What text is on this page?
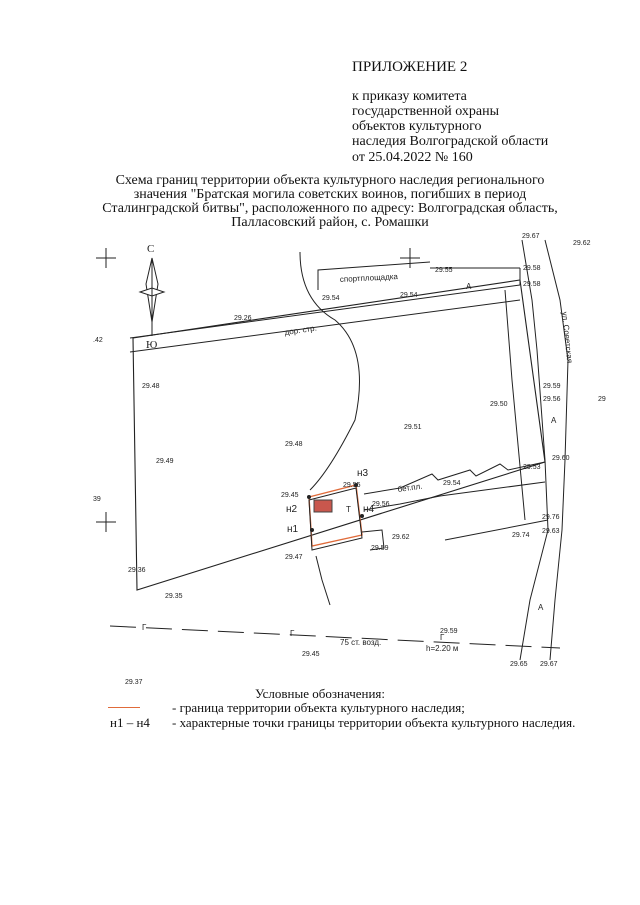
ПРИЛОЖЕНИЕ 2
к приказу комитета
государственной охраны
объектов культурного
наследия Волгоградской области
от 25.04.2022 № 160
Схема границ территории объекта культурного наследия регионального
значения "Братская могила советских воинов, погибших в период
Сталинградской битвы", расположенного по адресу: Волгоградская область,
Палласовский район, с. Ромашки
С
Ю	ул. Советская
дор. стр.
спортплощадка
бет.пл.
75 ст. возд.
h=2.20 м
н1
н2
н3
н4
А
А
А
Г
Г	Г
Т
29.67
29.62
29.55	29.58
29.54	29.54
29.58
29.26
.42
29.48	29.59
29.56
29.50
29.51
29
29.48
29.49	29.60
29.53
29.45
29.55	29.54
29.56
39
29.76
29.62
29.59
29.74
29.63
29.47
29.36
29.35
29.59
29.45
29.65 29.67
29.37
Условные обозначения:
- граница территории объекта культурного наследия;
н1 – н4	- характерные точки границы территории объекта культурного наследия.
